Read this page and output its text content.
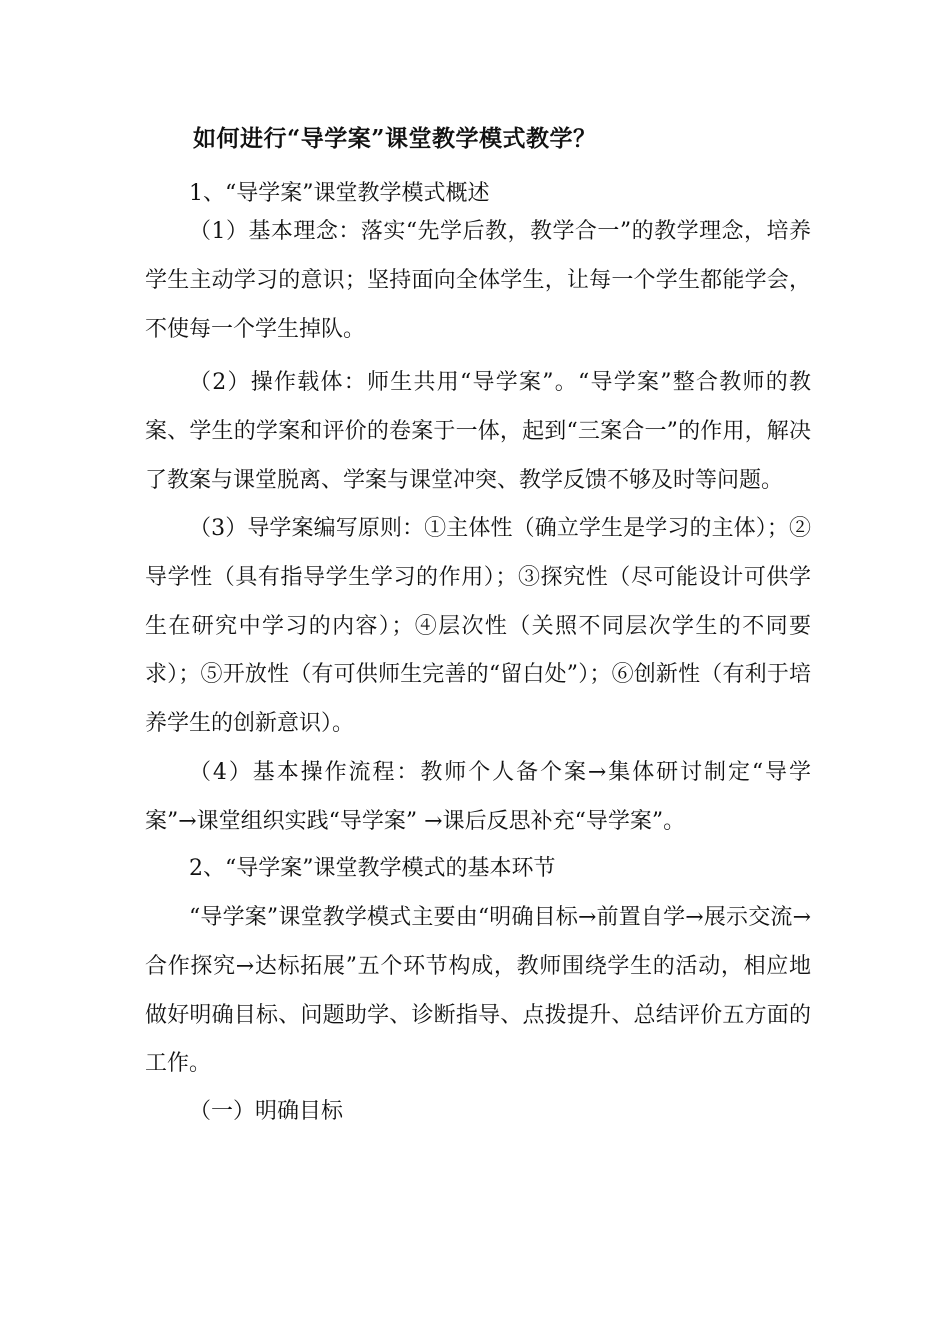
如何进行“导学案”课堂教学模式教学？
1、“导学案”课堂教学模式概述
（1）基本理念：落实“先学后教，教学合一”的教学理念，培养学生主动学习的意识；坚持面向全体学生，让每一个学生都能学会，不使每一个学生掉队。
（2）操作载体：师生共用“导学案”。“导学案”整合教师的教案、学生的学案和评价的卷案于一体，起到“三案合一”的作用，解决了教案与课堂脱离、学案与课堂冲突、教学反馈不够及时等问题。
（3）导学案编写原则：①主体性（确立学生是学习的主体）；②导学性（具有指导学生学习的作用）；③探究性（尽可能设计可供学生在研究中学习的内容）；④层次性（关照不同层次学生的不同要求）；⑤开放性（有可供师生完善的“留白处”）；⑥创新性（有利于培养学生的创新意识）。
（4）基本操作流程：教师个人备个案→集体研讨制定“导学案”→课堂组织实践“导学案” →课后反思补充“导学案”。
2、“导学案”课堂教学模式的基本环节
“导学案”课堂教学模式主要由“明确目标→前置自学→展示交流→合作探究→达标拓展”五个环节构成，教师围绕学生的活动，相应地做好明确目标、问题助学、诊断指导、点拨提升、总结评价五方面的工作。
（一）明确目标
